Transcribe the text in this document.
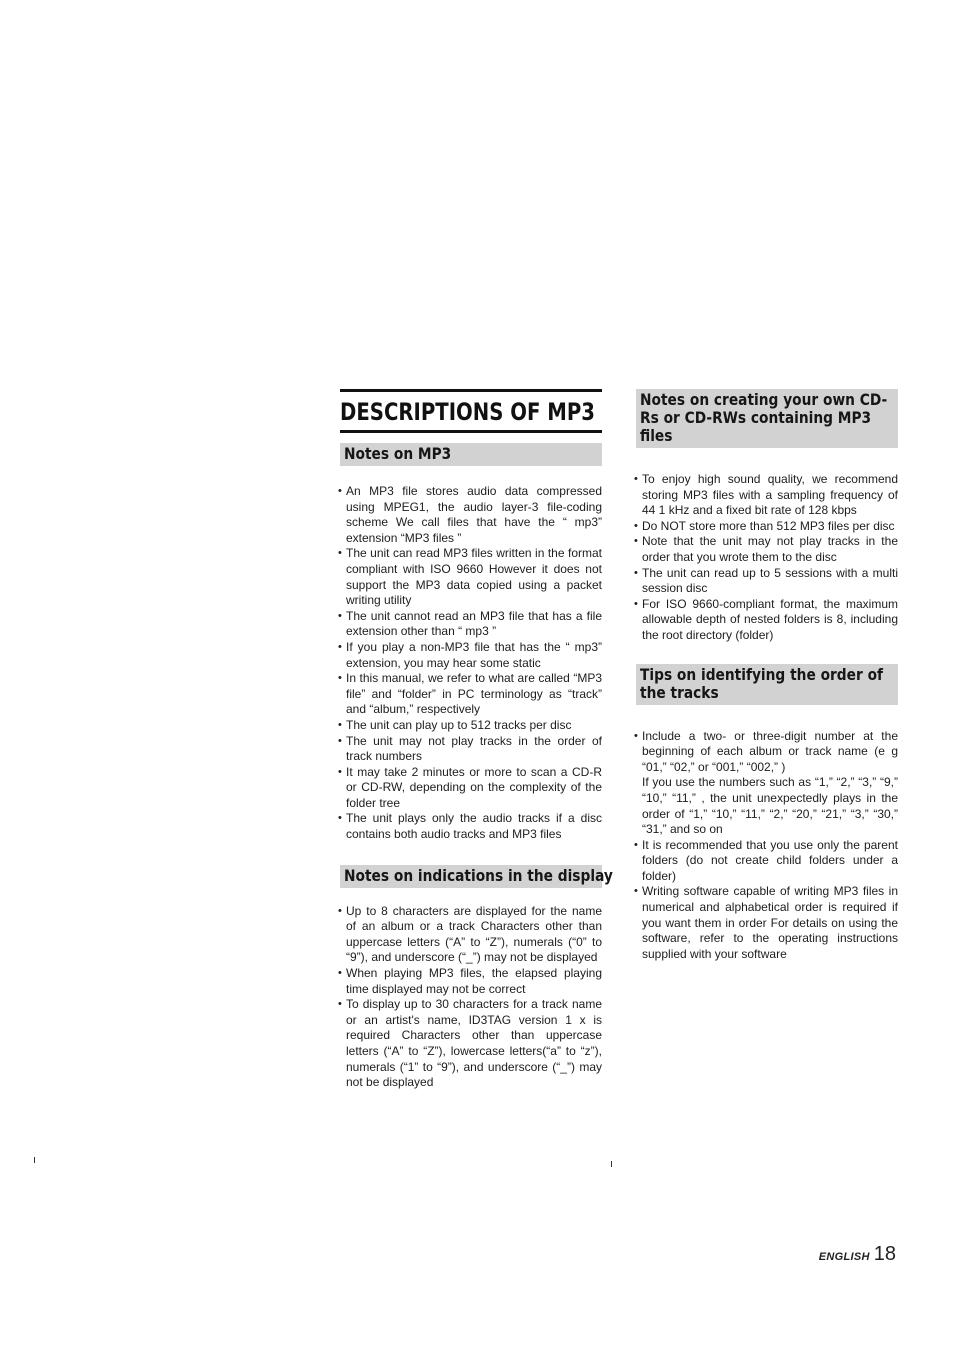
DESCRIPTIONS OF MP3
Notes on MP3
• An MP3 file stores audio data compressed using MPEG1, the audio layer-3 file-coding scheme We call files that have the “ mp3” extension “MP3 files ”
• The unit can read MP3 files written in the format compliant with ISO 9660 However it does not support the MP3 data copied using a packet writing utility
• The unit cannot read an MP3 file that has a file extension other than “ mp3 ”
• If you play a non-MP3 file that has the “ mp3” extension, you may hear some static
• In this manual, we refer to what are called “MP3 file” and “folder” in PC terminology as “track” and “album,” respectively
• The unit can play up to 512 tracks per disc
• The unit may not play tracks in the order of track numbers
• It may take 2 minutes or more to scan a CD-R or CD-RW, depending on the complexity of the folder tree
• The unit plays only the audio tracks if a disc contains both audio tracks and MP3 files
Notes on indications in the display
• Up to 8 characters are displayed for the name of an album or a track Characters other than uppercase letters (“A” to “Z”), numerals (“0” to “9”), and underscore (“_”) may not be displayed
• When playing MP3 files, the elapsed playing time displayed may not be correct
• To display up to 30 characters for a track name or an artist's name, ID3TAG version 1 x is required Characters other than uppercase letters (“A” to “Z”), lowercase letters(“a” to “z”), numerals (“1” to “9”), and underscore (“_”) may not be displayed
Notes on creating your own CD-Rs or CD-RWs containing MP3 files
• To enjoy high sound quality, we recommend storing MP3 files with a sampling frequency of 44 1 kHz and a fixed bit rate of 128 kbps
• Do NOT store more than 512 MP3 files per disc
• Note that the unit may not play tracks in the order that you wrote them to the disc
• The unit can read up to 5 sessions with a multi session disc
• For ISO 9660-compliant format, the maximum allowable depth of nested folders is 8, including the root directory (folder)
Tips on identifying the order of the tracks
• Include a two- or three-digit number at the beginning of each album or track name (e g “01,” “02,” or “001,” “002,” )
If you use the numbers such as “1,” “2,” “3,” “9,” “10,” “11,” , the unit unexpectedly plays in the order of “1,” “10,” “11,” “2,” “20,” “21,” “3,” “30,” “31,” and so on
• It is recommended that you use only the parent folders (do not create child folders under a folder)
• Writing software capable of writing MP3 files in numerical and alphabetical order is required if you want them in order For details on using the software, refer to the operating instructions supplied with your software
ENGLISH 18
